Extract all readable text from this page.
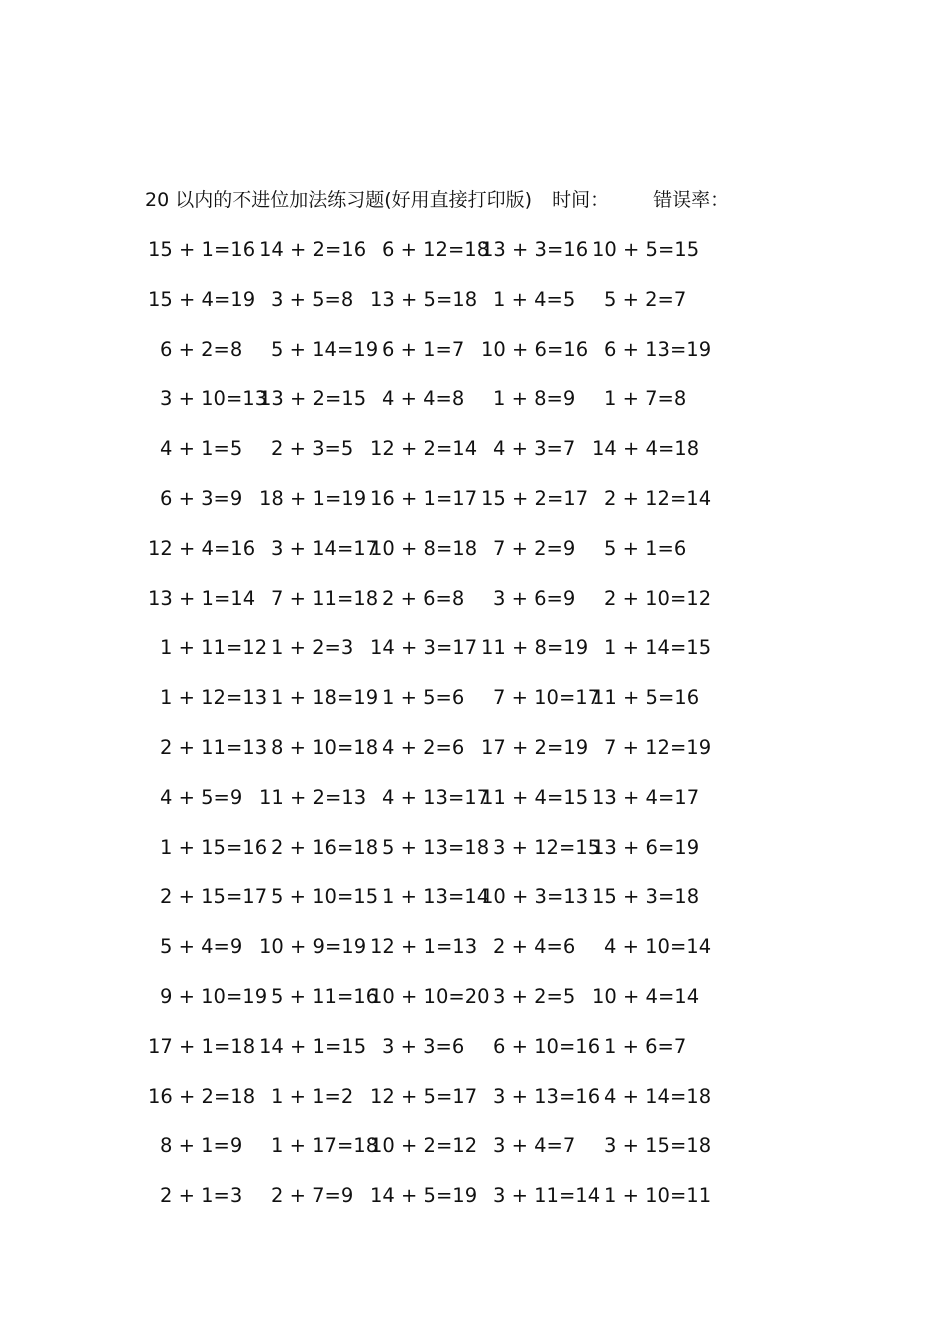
20 以内的不进位加法练习题(好用直接打印版) 时间： 错误率：
15 + 1=16 14 + 2=16 6 + 12=18
13 + 3=16 10 + 5=15
15 + 4=19 3 + 5=8 13 + 5=18 1 + 4=5 5 + 2=7
6 + 2=8 5 + 14=19 6 + 1=7 10 + 6=16 6 + 13=19
3 + 10=13
13 + 2=15 4 + 4=8 1 + 8=9 1 + 7=8
4 + 1=5 2 + 3=5 12 + 2=14 4 + 3=7 14 + 4=18
6 + 3=9 18 + 1=19 16 + 1=17 15 + 2=17 2 + 12=14
12 + 4=16 3 + 14=17
10 + 8=18 7 + 2=9 5 + 1=6
13 + 1=14 7 + 11=18 2 + 6=8 3 + 6=9 2 + 10=12
1 + 11=12 1 + 2=3 14 + 3=17 11 + 8=19 1 + 14=15
1 + 12=13 1 + 18=19 1 + 5=6 7 + 10=17
11 + 5=16
2 + 11=13 8 + 10=18 4 + 2=6 17 + 2=19 7 + 12=19
4 + 5=9 11 + 2=13 4 + 13=17
11 + 4=15 13 + 4=17
1 + 15=16 2 + 16=18 5 + 13=18 3 + 12=15
13 + 6=19
2 + 15=17 5 + 10=15 1 + 13=14
10 + 3=13 15 + 3=18
5 + 4=9 10 + 9=19 12 + 1=13 2 + 4=6 4 + 10=14
9 + 10=19 5 + 11=16
10 + 10=20 3 + 2=5 10 + 4=14
17 + 1=18 14 + 1=15 3 + 3=6 6 + 10=16 1 + 6=7
16 + 2=18 1 + 1=2 12 + 5=17 3 + 13=16 4 + 14=18
8 + 1=9 1 + 17=18
10 + 2=12 3 + 4=7 3 + 15=18
2 + 1=3 2 + 7=9 14 + 5=19 3 + 11=14 1 + 10=11
